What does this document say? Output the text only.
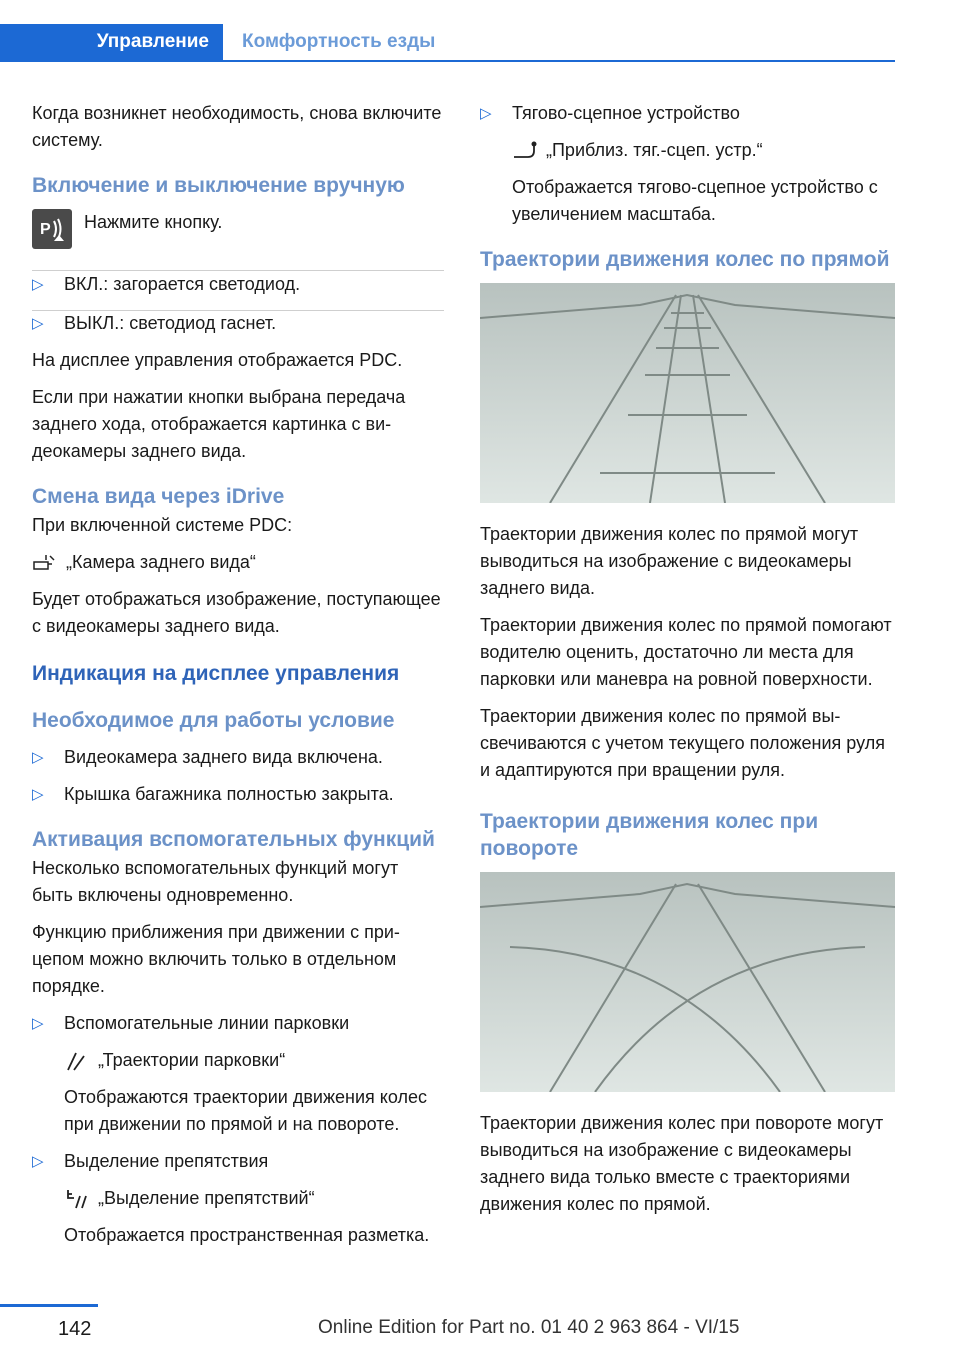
Управление	Комфортность езды

Когда возникнет необходимость, снова включите систему.

Включение и выключение вручную
P Нажмите кнопку.
▷	ВКЛ.: загорается светодиод.
▷	ВЫКЛ.: светодиод гаснет.

На дисплее управления отображается PDC.

Если при нажатии кнопки выбрана передача заднего хода, отображается картинка с видеокамеры заднего вида.

Смена вида через iDrive

При включенной системе PDC:

„Камера заднего вида“

Будет отображаться изображение, поступающее с видеокамеры заднего вида.

Индикация на дисплее управления
Необходимое для работы условие
▷	Видеокамера заднего вида включена.
▷	Крышка багажника полностью закрыта.
Активация вспомогательных функций

Несколько вспомогательных функций могут быть включены одновременно.

Функцию приближения при движении с прицепом можно включить только в отдельном порядке.

▷	Вспомогательные линии парковки
„Траектории парковки“

Отображаются траектории движения колес при движении по прямой и на повороте.

▷	Выделение препятствия
„Выделение препятствий“

Отображается пространственная разметка.

▷	Тягово-сцепное устройство
„Приблиз. тяг.-сцеп. устр.“

Отображается тягово-сцепное устройство с увеличением масштаба.

Траектории движения колес по прямой

Траектории движения колес по прямой могут выводиться на изображение с видеокамеры заднего вида.

Траектории движения колес по прямой помогают водителю оценить, достаточно ли места для парковки или маневра на ровной поверхности.

Траектории движения колес по прямой высвечиваются с учетом текущего положения руля и адаптируются при вращении руля.

Траектории движения колес при повороте

Траектории движения колес при повороте могут выводиться на изображение с видеокамеры заднего вида только вместе с траекториями движения колес по прямой.

142	Online Edition for Part no. 01 40 2 963 864 - VI/15
